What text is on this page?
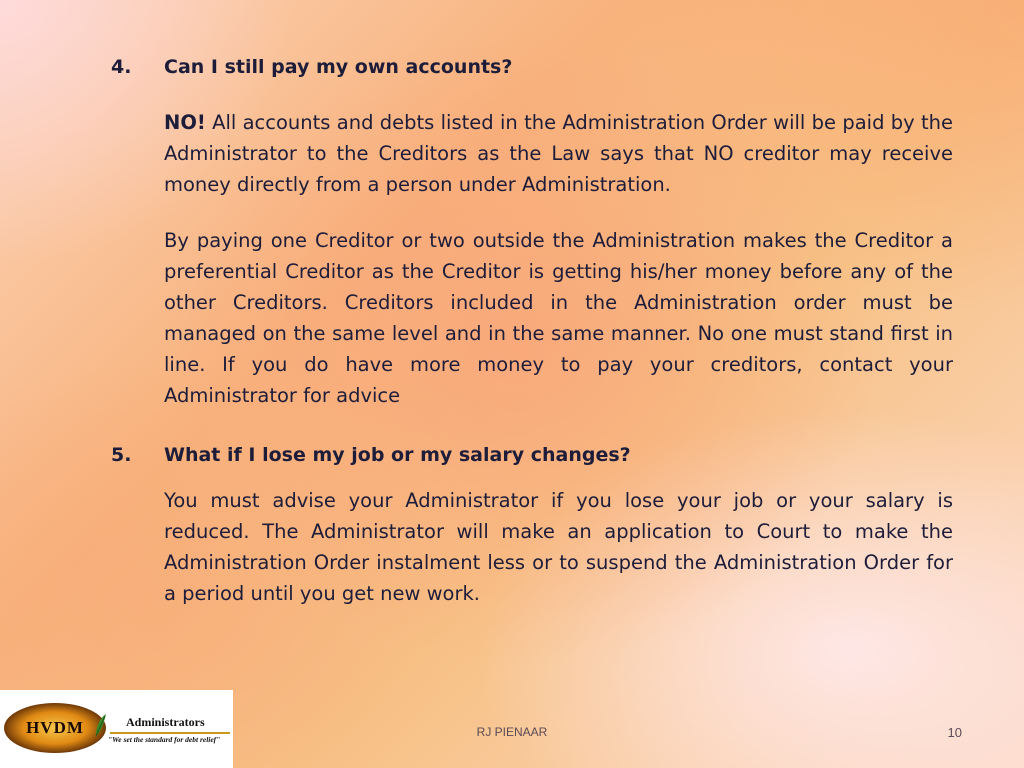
4.	Can I still pay my own accounts?
NO! All accounts and debts listed in the Administration Order will be paid by the Administrator to the Creditors as the Law says that NO creditor may receive money directly from a person under Administration.
By paying one Creditor or two outside the Administration makes the Creditor a preferential Creditor as the Creditor is getting his/her money before any of the other Creditors. Creditors included in the Administration order must be managed on the same level and in the same manner. No one must stand first in line. If you do have more money to pay your creditors, contact your Administrator for advice
5.	What if I lose my job or my salary changes?
You must advise your Administrator if you lose your job or your salary is reduced. The Administrator will make an application to Court to make the Administration Order instalment less or to suspend the Administration Order for a period until you get new work.
HVDM	Administrators
"We set the standard for debt relief"
RJ PIENAAR	10
